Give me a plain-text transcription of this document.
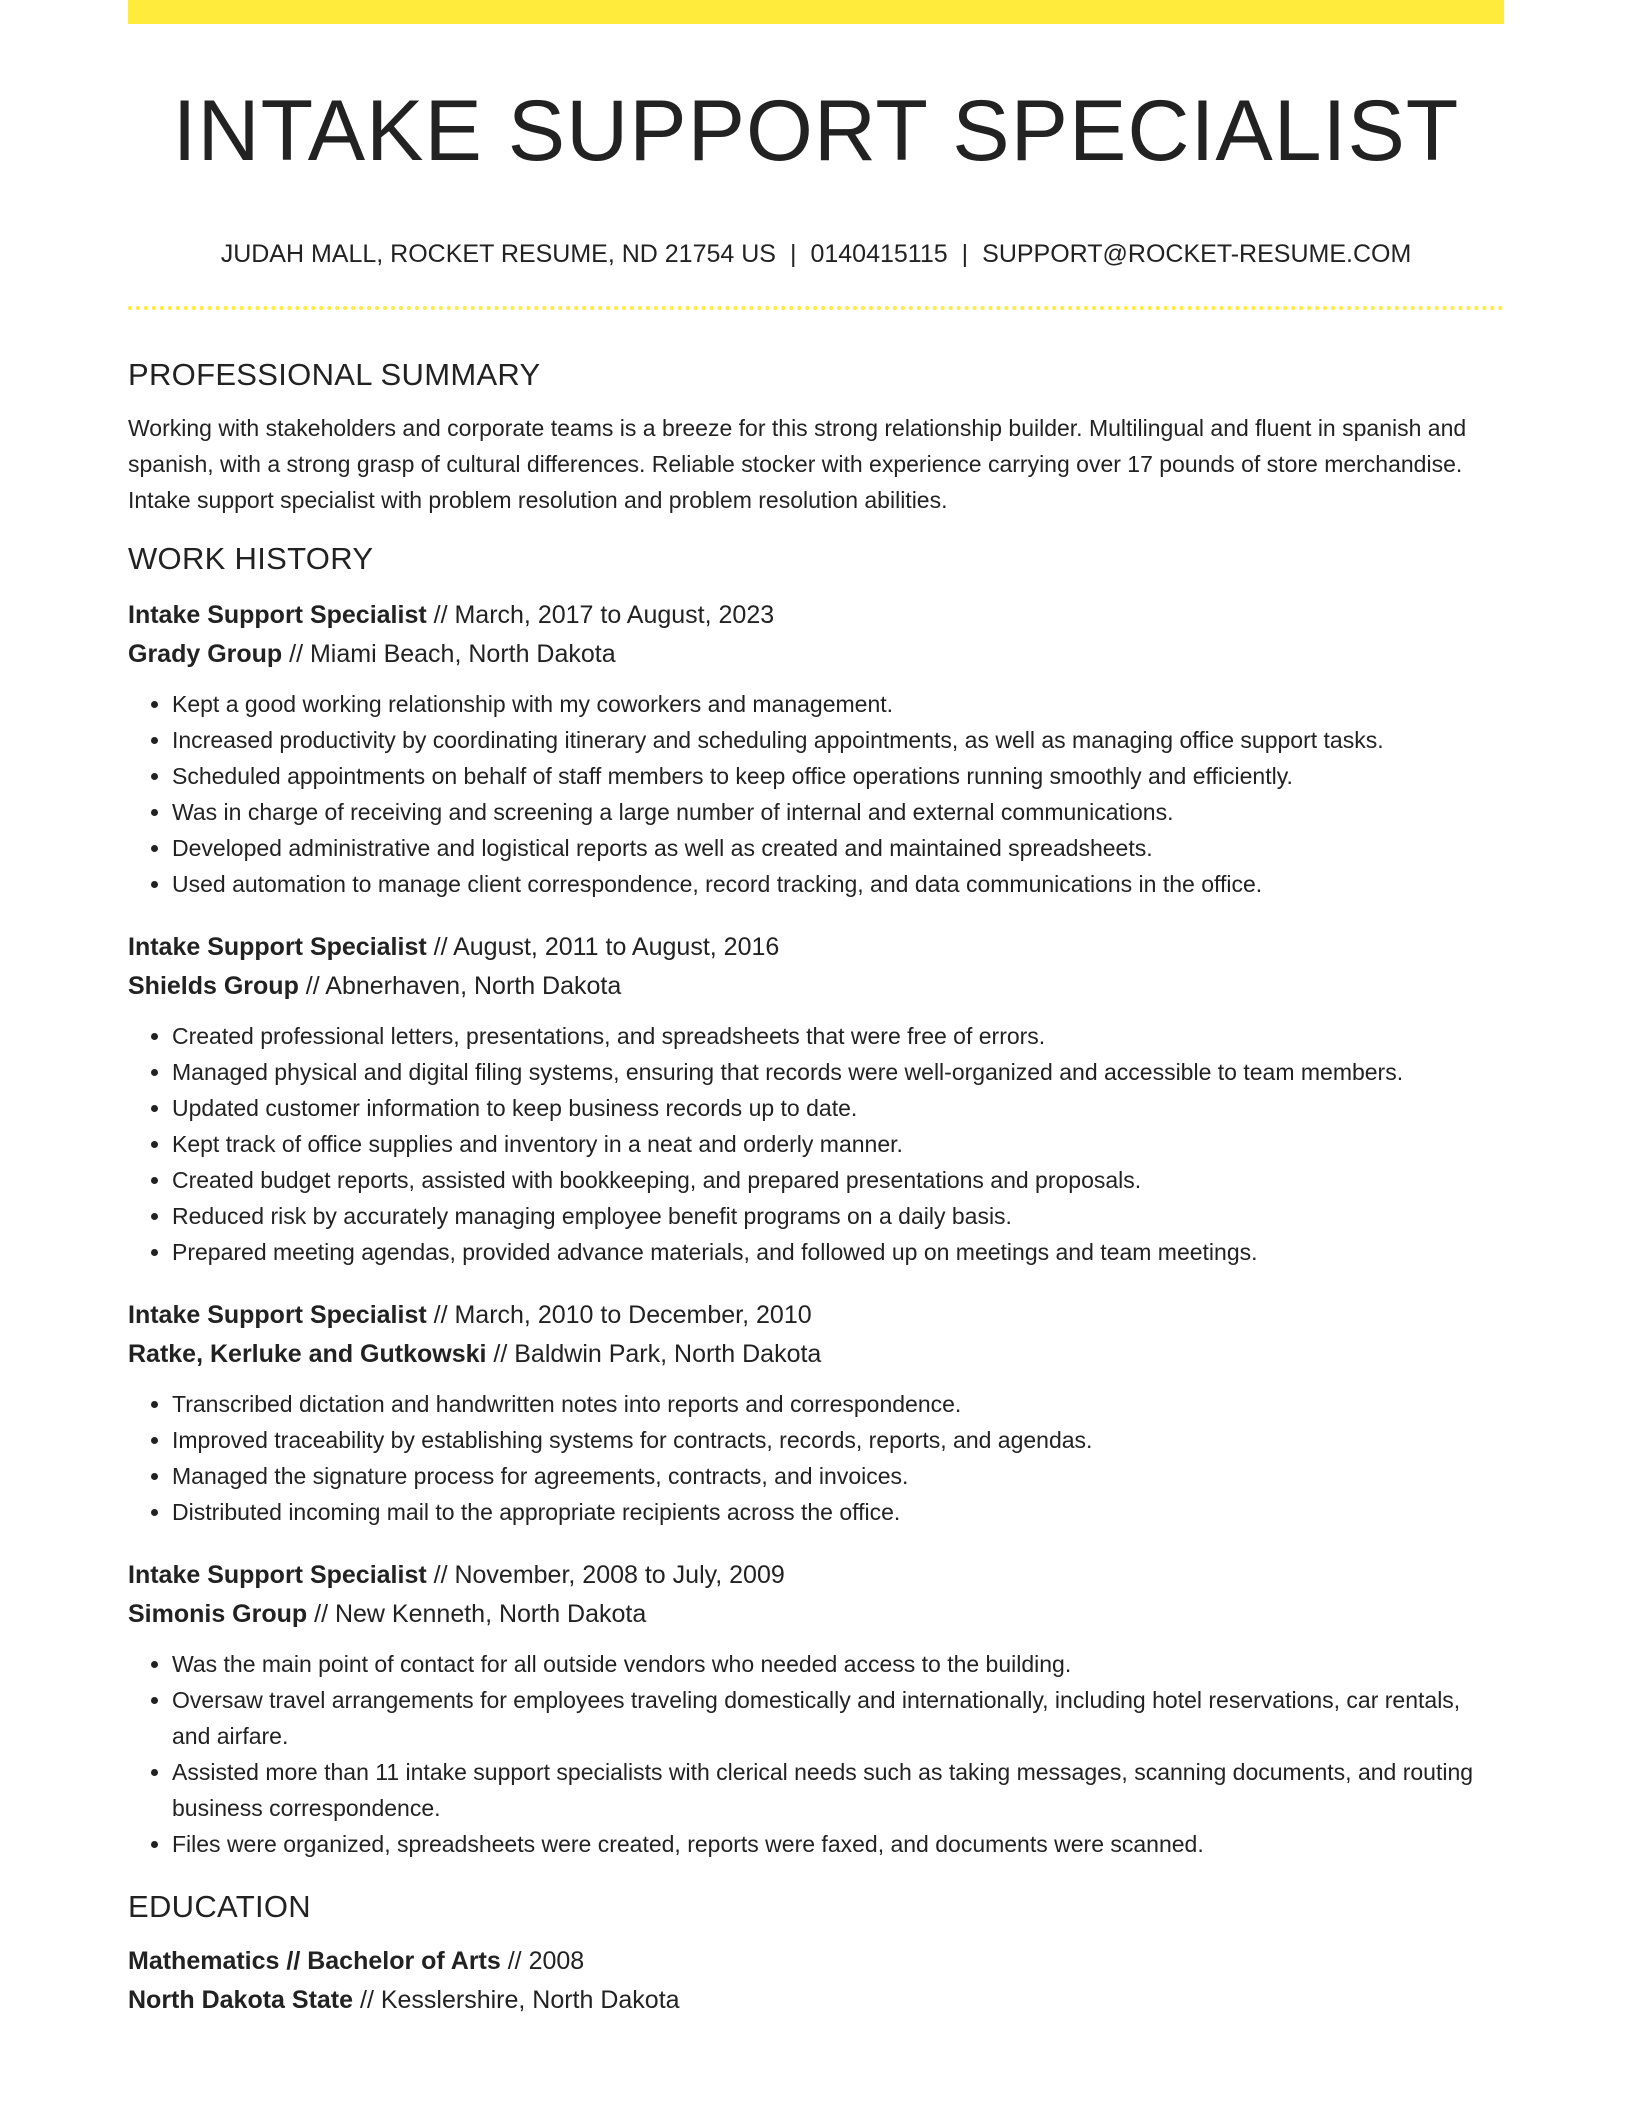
INTAKE SUPPORT SPECIALIST
JUDAH MALL, ROCKET RESUME, ND 21754 US | 0140415115 | SUPPORT@ROCKET-RESUME.COM
PROFESSIONAL SUMMARY

Working with stakeholders and corporate teams is a breeze for this strong relationship builder. Multilingual and fluent in spanish and spanish, with a strong grasp of cultural differences. Reliable stocker with experience carrying over 17 pounds of store merchandise. Intake support specialist with problem resolution and problem resolution abilities.

WORK HISTORY
Intake Support Specialist // March, 2017 to August, 2023
Grady Group // Miami Beach, North Dakota
• Kept a good working relationship with my coworkers and management.
• Increased productivity by coordinating itinerary and scheduling appointments, as well as managing office support tasks.
• Scheduled appointments on behalf of staff members to keep office operations running smoothly and efficiently.
• Was in charge of receiving and screening a large number of internal and external communications.
• Developed administrative and logistical reports as well as created and maintained spreadsheets.
• Used automation to manage client correspondence, record tracking, and data communications in the office.
Intake Support Specialist // August, 2011 to August, 2016
Shields Group // Abnerhaven, North Dakota
• Created professional letters, presentations, and spreadsheets that were free of errors.
• Managed physical and digital filing systems, ensuring that records were well-organized and accessible to team members.
• Updated customer information to keep business records up to date.
• Kept track of office supplies and inventory in a neat and orderly manner.
• Created budget reports, assisted with bookkeeping, and prepared presentations and proposals.
• Reduced risk by accurately managing employee benefit programs on a daily basis.
• Prepared meeting agendas, provided advance materials, and followed up on meetings and team meetings.
Intake Support Specialist // March, 2010 to December, 2010
Ratke, Kerluke and Gutkowski // Baldwin Park, North Dakota
• Transcribed dictation and handwritten notes into reports and correspondence.
• Improved traceability by establishing systems for contracts, records, reports, and agendas.
• Managed the signature process for agreements, contracts, and invoices.
• Distributed incoming mail to the appropriate recipients across the office.
Intake Support Specialist // November, 2008 to July, 2009
Simonis Group // New Kenneth, North Dakota
• Was the main point of contact for all outside vendors who needed access to the building.
• Oversaw travel arrangements for employees traveling domestically and internationally, including hotel reservations, car rentals, and airfare.
• Assisted more than 11 intake support specialists with clerical needs such as taking messages, scanning documents, and routing business correspondence.
• Files were organized, spreadsheets were created, reports were faxed, and documents were scanned.
EDUCATION
Mathematics // Bachelor of Arts // 2008
North Dakota State // Kesslershire, North Dakota
